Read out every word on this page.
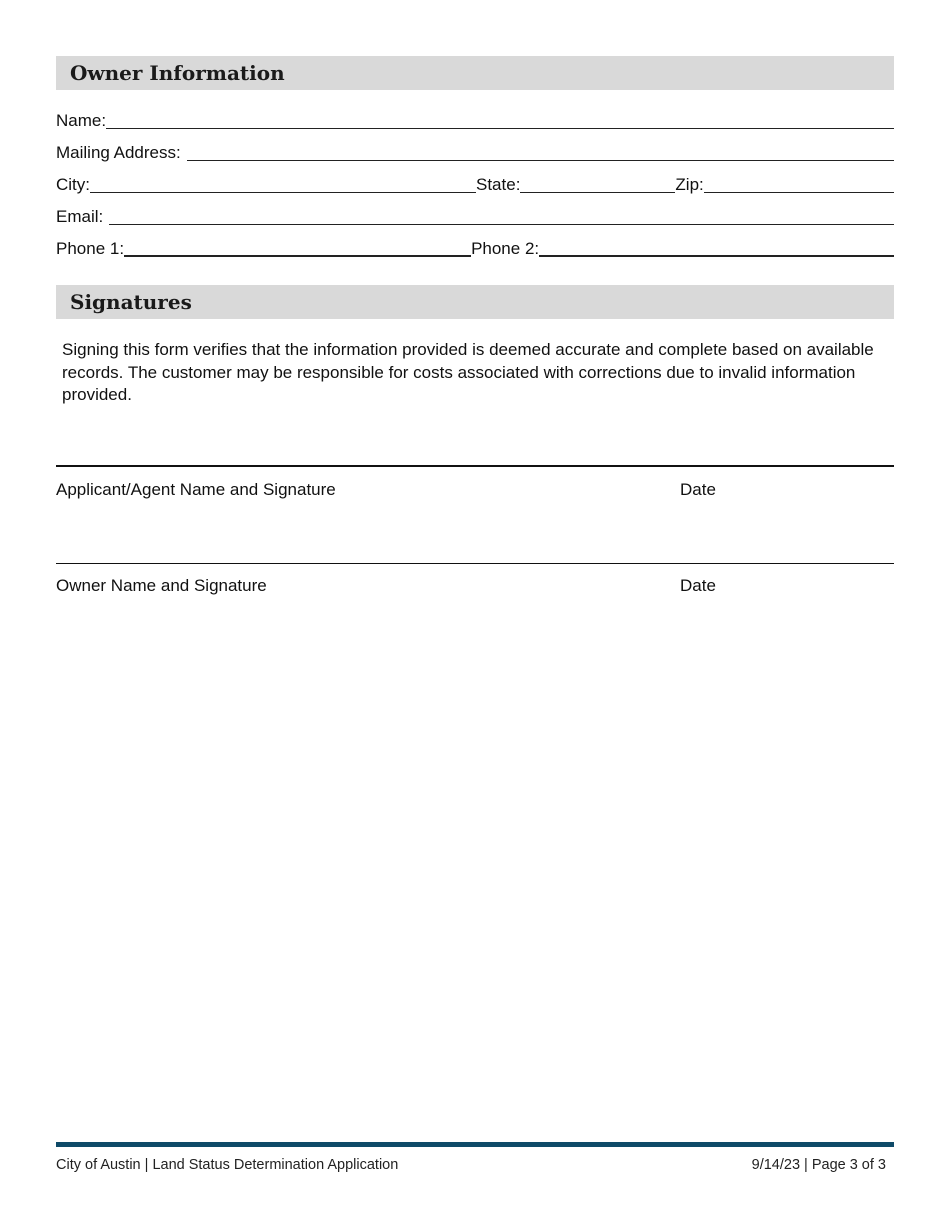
Owner Information
Name:
Mailing Address:
City:	State:	Zip:
Email:
Phone 1:	Phone 2:
Signatures
Signing this form verifies that the information provided is deemed accurate and complete based on available records. The customer may be responsible for costs associated with corrections due to invalid information provided.
Applicant/Agent Name and Signature	Date
Owner Name and Signature	Date
City of Austin | Land Status Determination Application	9/14/23 | Page 3 of 3
